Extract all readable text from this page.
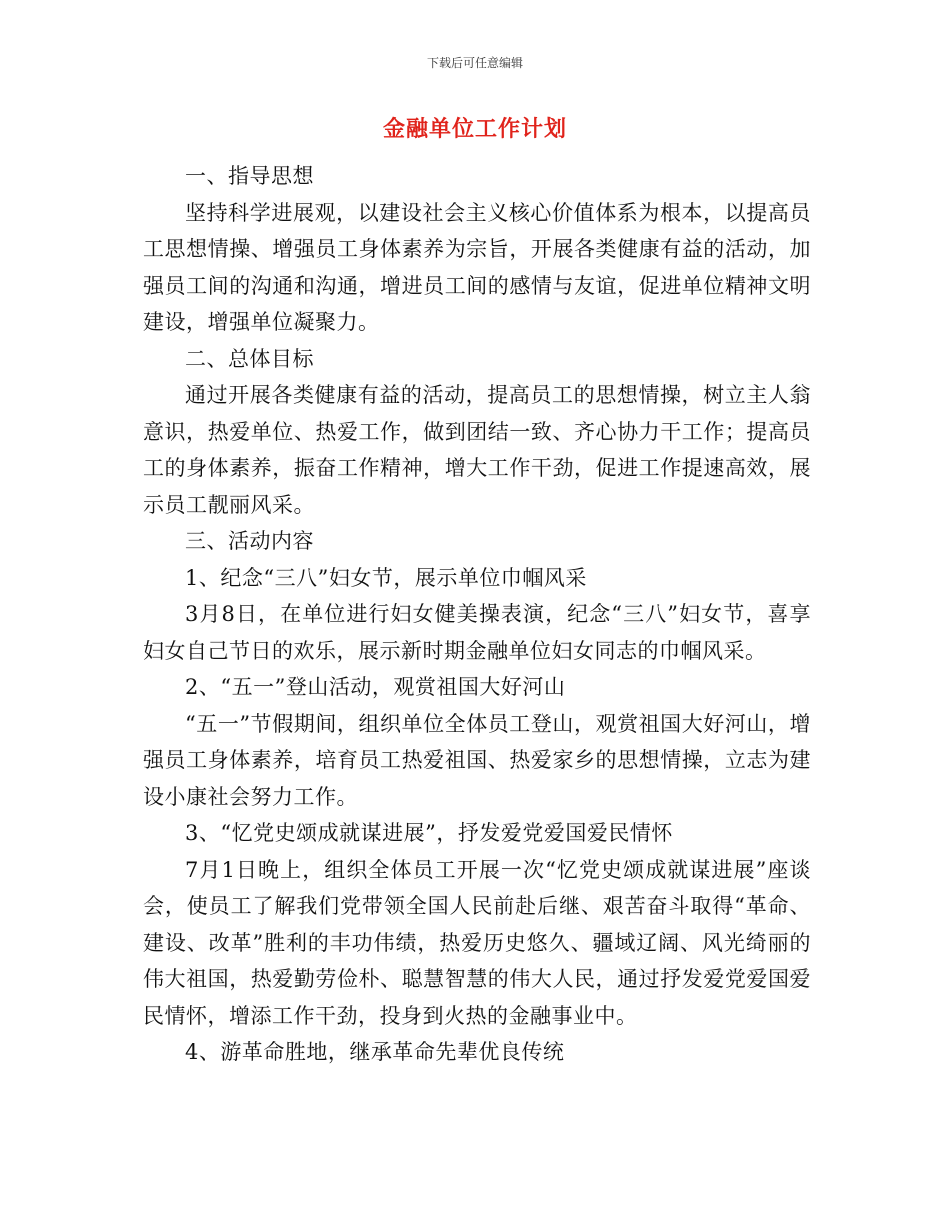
下载后可任意编辑
金融单位工作计划

一、指导思想

坚持科学进展观，以建设社会主义核心价值体系为根本，以提高员工思想情操、增强员工身体素养为宗旨，开展各类健康有益的活动，加强员工间的沟通和沟通，增进员工间的感情与友谊，促进单位精神文明建设，增强单位凝聚力。

二、总体目标

通过开展各类健康有益的活动，提高员工的思想情操，树立主人翁意识，热爱单位、热爱工作，做到团结一致、齐心协力干工作；提高员工的身体素养，振奋工作精神，增大工作干劲，促进工作提速高效，展示员工靓丽风采。

三、活动内容

1、纪念“三八”妇女节，展示单位巾帼风采

3月8日，在单位进行妇女健美操表演，纪念“三八”妇女节，喜享妇女自己节日的欢乐，展示新时期金融单位妇女同志的巾帼风采。

2、“五一”登山活动，观赏祖国大好河山

“五一”节假期间，组织单位全体员工登山，观赏祖国大好河山，增强员工身体素养，培育员工热爱祖国、热爱家乡的思想情操，立志为建设小康社会努力工作。

3、“忆党史颂成就谋进展”，抒发爱党爱国爱民情怀

7月1日晚上，组织全体员工开展一次“忆党史颂成就谋进展”座谈会，使员工了解我们党带领全国人民前赴后继、艰苦奋斗取得“革命、建设、改革”胜利的丰功伟绩，热爱历史悠久、疆域辽阔、风光绮丽的伟大祖国，热爱勤劳俭朴、聪慧智慧的伟大人民，通过抒发爱党爱国爱民情怀，增添工作干劲，投身到火热的金融事业中。

4、游革命胜地，继承革命先辈优良传统
